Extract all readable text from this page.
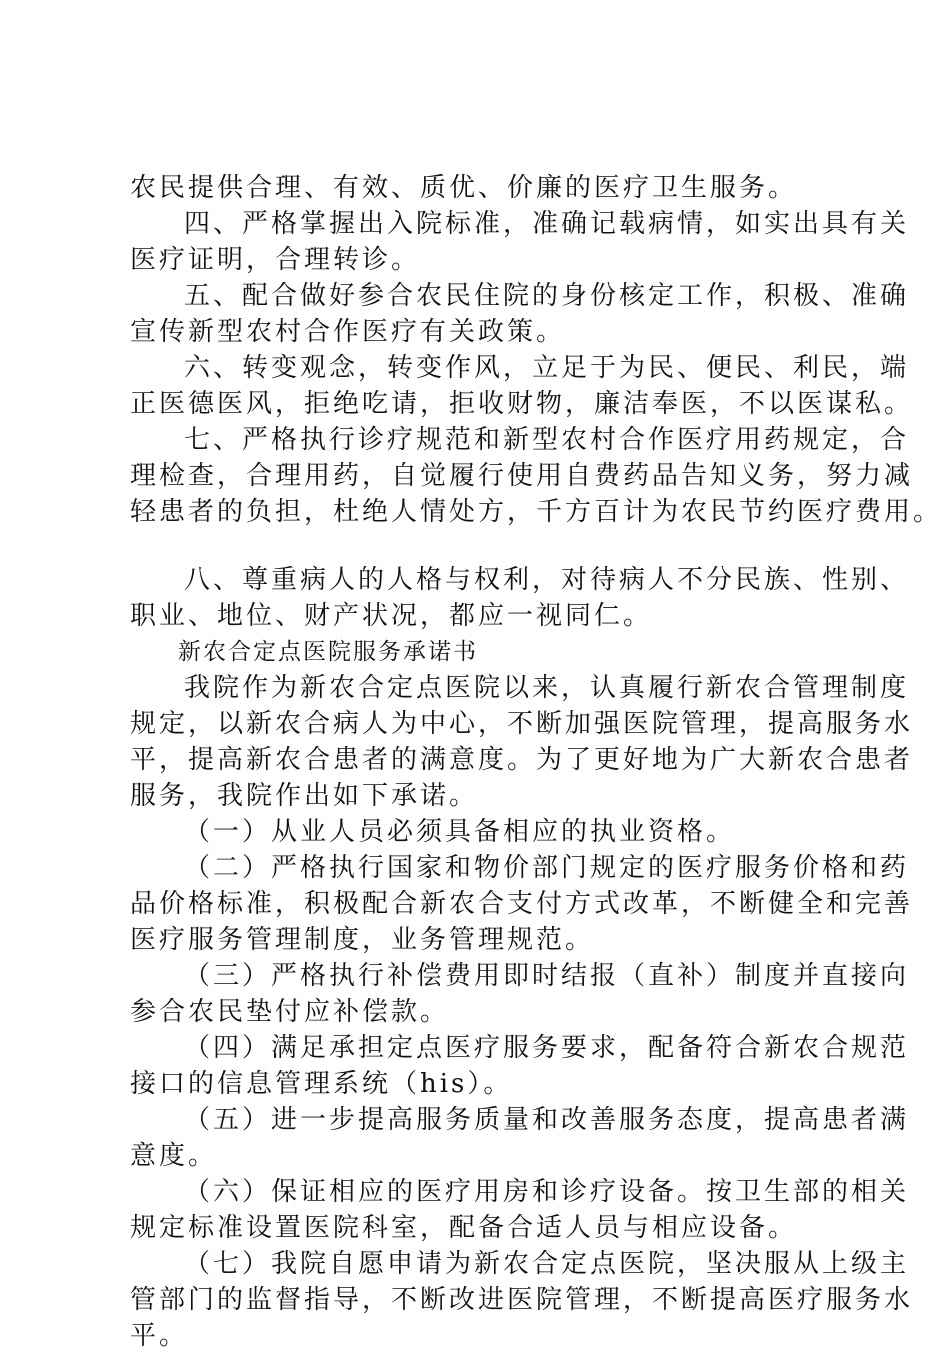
农民提供合理、有效、质优、价廉的医疗卫生服务。
四、严格掌握出入院标准，准确记载病情，如实出具有关
医疗证明，合理转诊。
五、配合做好参合农民住院的身份核定工作，积极、准确
宣传新型农村合作医疗有关政策。
六、转变观念，转变作风，立足于为民、便民、利民，端
正医德医风，拒绝吃请，拒收财物，廉洁奉医，不以医谋私。
七、严格执行诊疗规范和新型农村合作医疗用药规定，合
理检查，合理用药，自觉履行使用自费药品告知义务，努力减
轻患者的负担，杜绝人情处方，千方百计为农民节约医疗费用。
八、尊重病人的人格与权利，对待病人不分民族、性别、
职业、地位、财产状况，都应一视同仁。
新农合定点医院服务承诺书
我院作为新农合定点医院以来，认真履行新农合管理制度
规定，以新农合病人为中心，不断加强医院管理，提高服务水
平，提高新农合患者的满意度。为了更好地为广大新农合患者
服务，我院作出如下承诺。
（一）从业人员必须具备相应的执业资格。
（二）严格执行国家和物价部门规定的医疗服务价格和药
品价格标准，积极配合新农合支付方式改革，不断健全和完善
医疗服务管理制度，业务管理规范。
（三）严格执行补偿费用即时结报（直补）制度并直接向
参合农民垫付应补偿款。
（四）满足承担定点医疗服务要求，配备符合新农合规范
接口的信息管理系统（his）。
（五）进一步提高服务质量和改善服务态度，提高患者满
意度。
（六）保证相应的医疗用房和诊疗设备。按卫生部的相关
规定标准设置医院科室，配备合适人员与相应设备。
（七）我院自愿申请为新农合定点医院，坚决服从上级主
管部门的监督指导，不断改进医院管理，不断提高医疗服务水
平。
